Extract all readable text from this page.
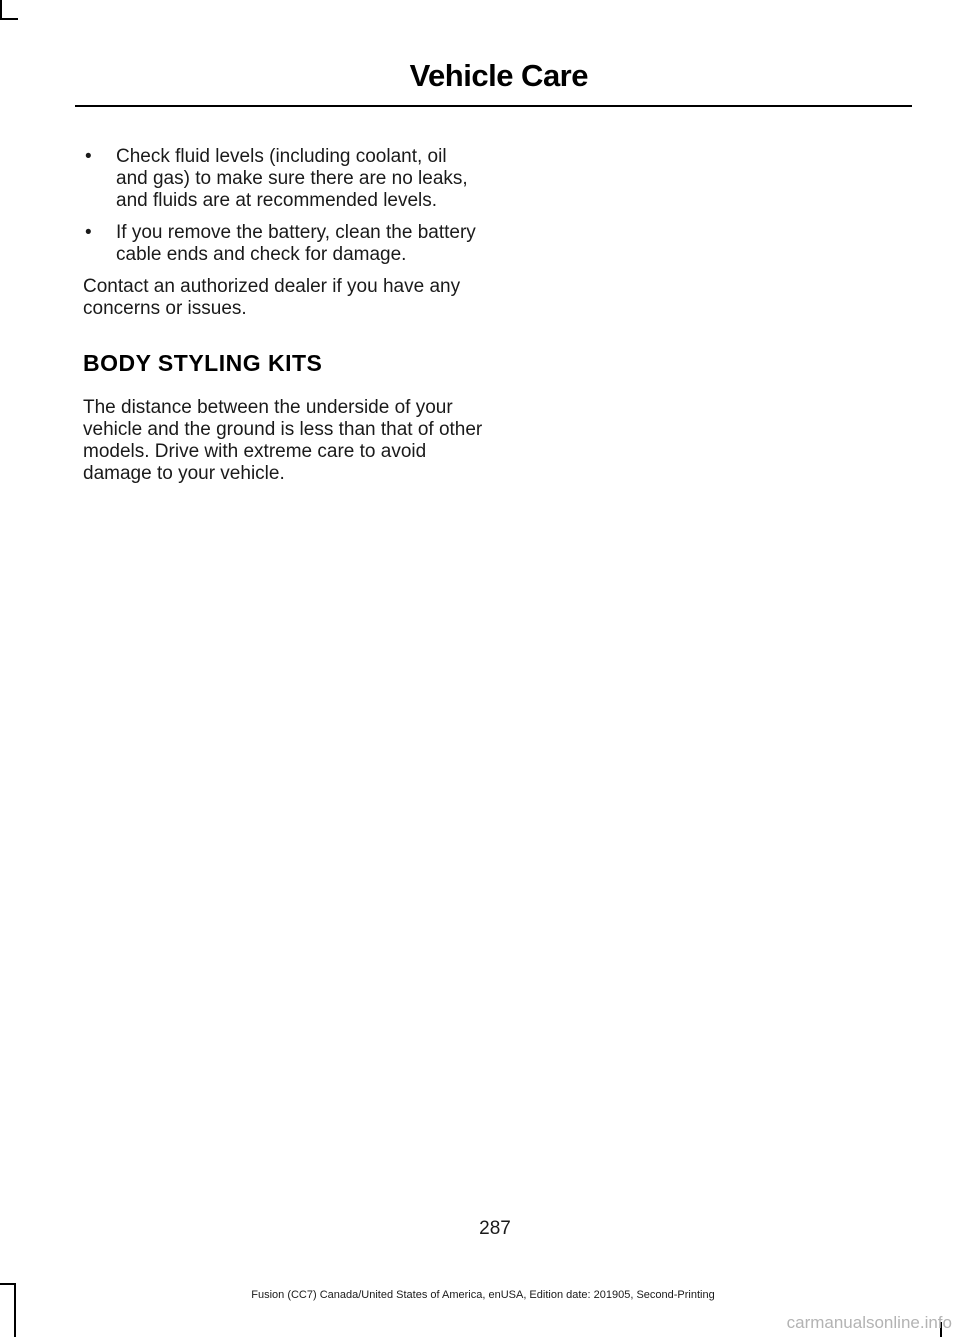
Vehicle Care
• Check fluid levels (including coolant, oil and gas) to make sure there are no leaks, and fluids are at recommended levels.
• If you remove the battery, clean the battery cable ends and check for damage.

Contact an authorized dealer if you have any concerns or issues.

BODY STYLING KITS

The distance between the underside of your vehicle and the ground is less than that of other models. Drive with extreme care to avoid damage to your vehicle.

287
Fusion (CC7) Canada/United States of America, enUSA, Edition date: 201905, Second-Printing
carmanualsonline.info
